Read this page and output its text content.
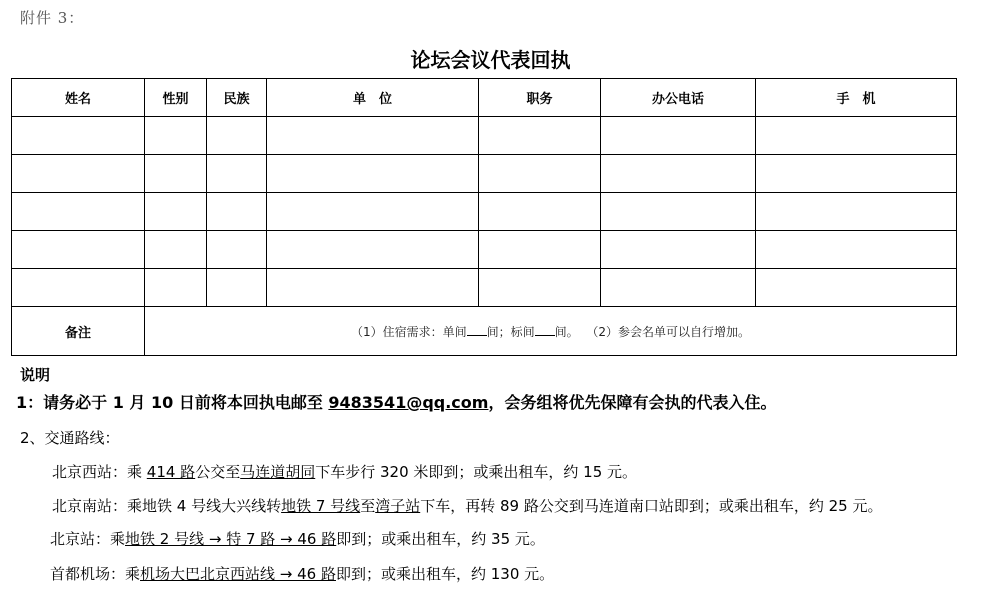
附件 3：
论坛会议代表回执
姓名	性别	民族	单　位	职务	办公电话	手　机

备注	（1）住宿需求：单间 间；标间 间。 （2）参会名单可以自行增加。					
说明
1：请务必于 1 月 10 日前将本回执电邮至 9483541@qq.com，会务组将优先保障有会执的代表入住。
2、交通路线：
北京西站：乘 414 路公交至马连道胡同下车步行 320 米即到；或乘出租车，约 15 元。
北京南站：乘地铁 4 号线大兴线转地铁 7 号线至湾子站下车，再转 89 路公交到马连道南口站即到；或乘出租车，约 25 元。
北京站：乘地铁 2 号线 → 特 7 路 → 46 路即到；或乘出租车，约 35 元。
首都机场：乘机场大巴北京西站线 → 46 路即到；或乘出租车，约 130 元。
